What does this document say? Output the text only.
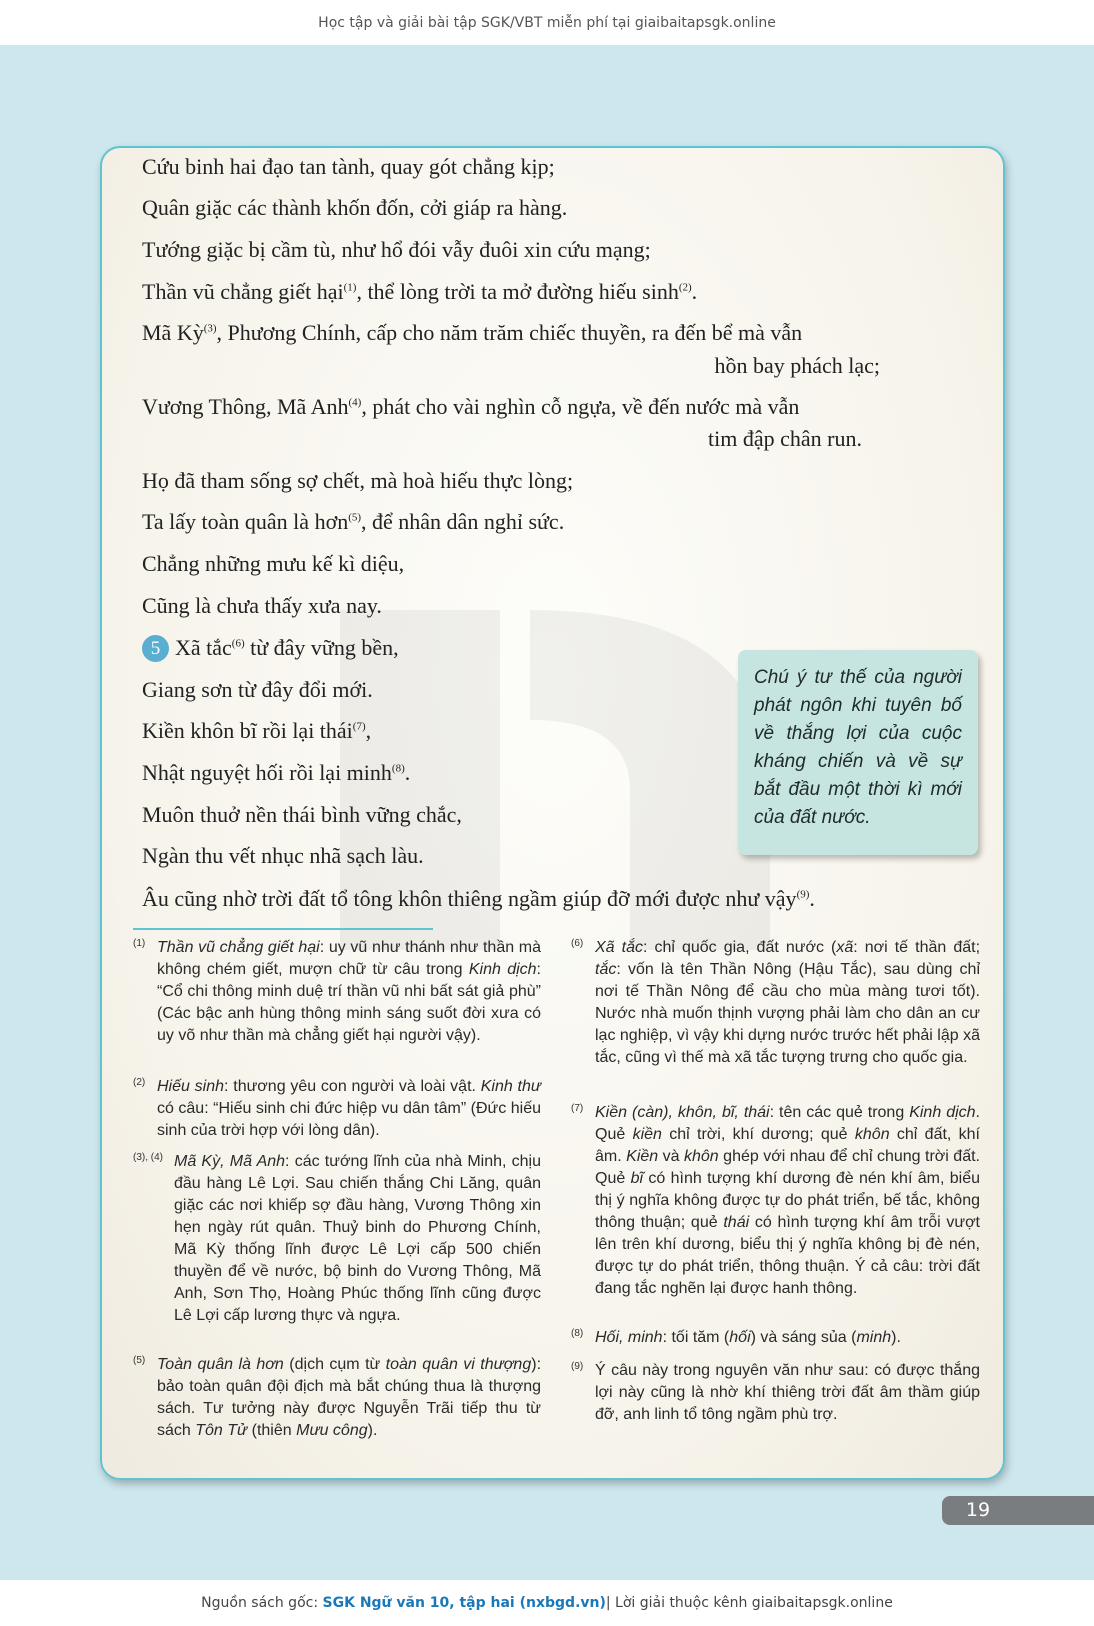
Học tập và giải bài tập SGK/VBT miễn phí tại giaibaitapsgk.online
Cứu binh hai đạo tan tành, quay gót chẳng kịp;
Quân giặc các thành khốn đốn, cởi giáp ra hàng.
Tướng giặc bị cầm tù, như hổ đói vẫy đuôi xin cứu mạng;
Thần vũ chẳng giết hại$^{(1)}$, thể lòng trời ta mở đường hiếu $\sinh^{(2)}$.
Mã Kỳ$^{(3)}$, Phương Chính, cấp cho năm trăm chiếc thuyền, ra đến bể mà vẫn
hồn bay phách lạc;
Vương Thông, Mã Anh$^{(4)}$, phát cho vài nghìn cỗ ngựa, về đến nước mà vẫn
tim đập chân run.
Họ đã tham sống sợ chết, mà hoà hiếu thực lòng;
Ta lấy toàn quân là hơn$^{(5)}$, để nhân dân nghỉ sức.
Chẳng những mưu kế kì diệu,
Cũng là chưa thấy xưa nay.
5 Xã tắc$^{(6)}$ từ đây vững bền,
Giang sơn từ đây đổi mới.
Kiền khôn bĩ rồi lại thái$^{(7)}$,
Nhật nguyệt hối rồi lại minh$^{(8)}$.
Muôn thuở nền thái bình vững chắc,
Ngàn thu vết nhục nhã sạch làu.
Âu cũng nhờ trời đất tổ tông khôn thiêng ngầm giúp đỡ mới được như vậy$^{(9)}$.
Chú ý tư thế của người phát ngôn khi tuyên bố về thắng lợi của cuộc kháng chiến và về sự bắt đầu một thời kì mới của đất nước.
(1) Thần vũ chẳng giết hại: uy vũ như thánh như thần mà không chém giết, mượn chữ từ câu trong Kinh dịch: “Cổ chi thông minh duệ trí thần vũ nhi bất sát giả phù” (Các bậc anh hùng thông minh sáng suốt đời xưa có uy võ như thần mà chẳng giết hại người vậy).
(2) Hiếu sinh: thương yêu con người và loài vật. Kinh thư có câu: “Hiếu sinh chi đức hiệp vu dân tâm” (Đức hiếu sinh của trời hợp với lòng dân).
(3), (4) Mã Kỳ, Mã Anh: các tướng lĩnh của nhà Minh, chịu đầu hàng Lê Lợi. Sau chiến thắng Chi Lăng, quân giặc các nơi khiếp sợ đầu hàng, Vương Thông xin hẹn ngày rút quân. Thuỷ binh do Phương Chính, Mã Kỳ thống lĩnh được Lê Lợi cấp 500 chiến thuyền để về nước, bộ binh do Vương Thông, Mã Anh, Sơn Thọ, Hoàng Phúc thống lĩnh cũng được Lê Lợi cấp lương thực và ngựa.
(5) Toàn quân là hơn (dịch cụm từ toàn quân vi thượng): bảo toàn quân đội địch mà bắt chúng thua là thượng sách. Tư tưởng này được Nguyễn Trãi tiếp thu từ sách Tôn Tử (thiên Mưu công).
(6) Xã tắc: chỉ quốc gia, đất nước (xã: nơi tế thần đất; tắc: vốn là tên Thần Nông (Hậu Tắc), sau dùng chỉ nơi tế Thần Nông để cầu cho mùa màng tươi tốt). Nước nhà muốn thịnh vượng phải làm cho dân an cư lạc nghiệp, vì vậy khi dựng nước trước hết phải lập xã tắc, cũng vì thế mà xã tắc tượng trưng cho quốc gia.
(7) Kiền (càn), khôn, bĩ, thái: tên các quẻ trong Kinh dịch. Quẻ kiền chỉ trời, khí dương; quẻ khôn chỉ đất, khí âm. Kiền và khôn ghép với nhau để chỉ chung trời đất. Quẻ bĩ có hình tượng khí dương đè nén khí âm, biểu thị ý nghĩa không được tự do phát triển, bế tắc, không thông thuận; quẻ thái có hình tượng khí âm trỗi vượt lên trên khí dương, biểu thị ý nghĩa không bị đè nén, được tự do phát triển, thông thuận. Ý cả câu: trời đất đang tắc nghẽn lại được hanh thông.
(8) Hối, minh: tối tăm (hối) và sáng sủa (minh).
(9) Ý câu này trong nguyên văn như sau: có được thắng lợi này cũng là nhờ khí thiêng trời đất âm thầm giúp đỡ, anh linh tổ tông ngầm phù trợ.
19
Nguồn sách gốc:
SGK Ngữ văn 10, tập hai (nxbgd.vn) | Lời giải thuộc kênh giaibaitapsgk.online
